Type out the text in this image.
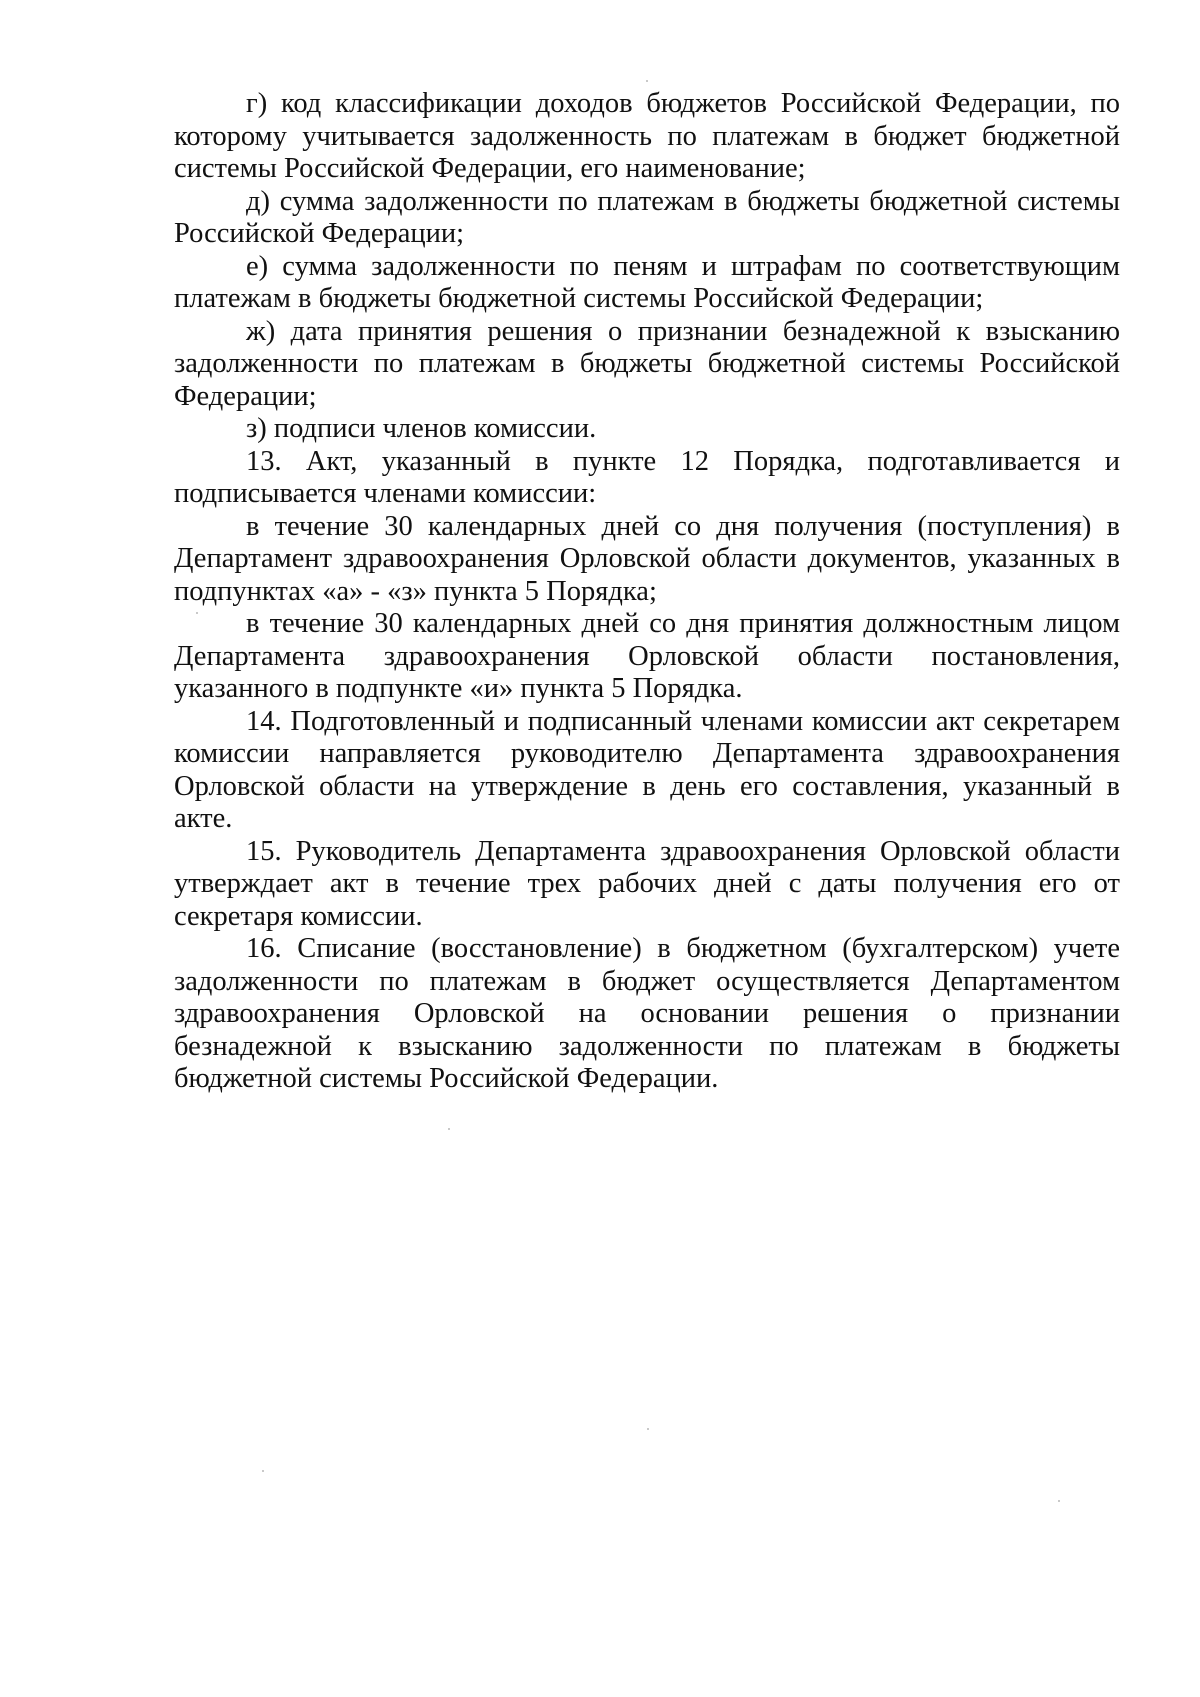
г) код классификации доходов бюджетов Российской Федерации, по которому учитывается задолженность по платежам в бюджет бюджетной системы Российской Федерации, его наименование;

д) сумма задолженности по платежам в бюджеты бюджетной системы Российской Федерации;

е) сумма задолженности по пеням и штрафам по соответствующим платежам в бюджеты бюджетной системы Российской Федерации;

ж) дата принятия решения о признании безнадежной к взысканию задолженности по платежам в бюджеты бюджетной системы Российской Федерации;

з) подписи членов комиссии.

13. Акт, указанный в пункте 12 Порядка, подготавливается и подписывается членами комиссии:

в течение 30 календарных дней со дня получения (поступления) в Департамент здравоохранения Орловской области документов, указанных в подпунктах «а» - «з» пункта 5 Порядка;

в течение 30 календарных дней со дня принятия должностным лицом Департамента здравоохранения Орловской области постановления, указанного в подпункте «и» пункта 5 Порядка.

14. Подготовленный и подписанный членами комиссии акт секретарем комиссии направляется руководителю Департамента здравоохранения Орловской области на утверждение в день его составления, указанный в акте.

15. Руководитель Департамента здравоохранения Орловской области утверждает акт в течение трех рабочих дней с даты получения его от секретаря комиссии.

16. Списание (восстановление) в бюджетном (бухгалтерском) учете задолженности по платежам в бюджет осуществляется Департаментом здравоохранения Орловской на основании решения о признании безнадежной к взысканию задолженности по платежам в бюджеты бюджетной системы Российской Федерации.
